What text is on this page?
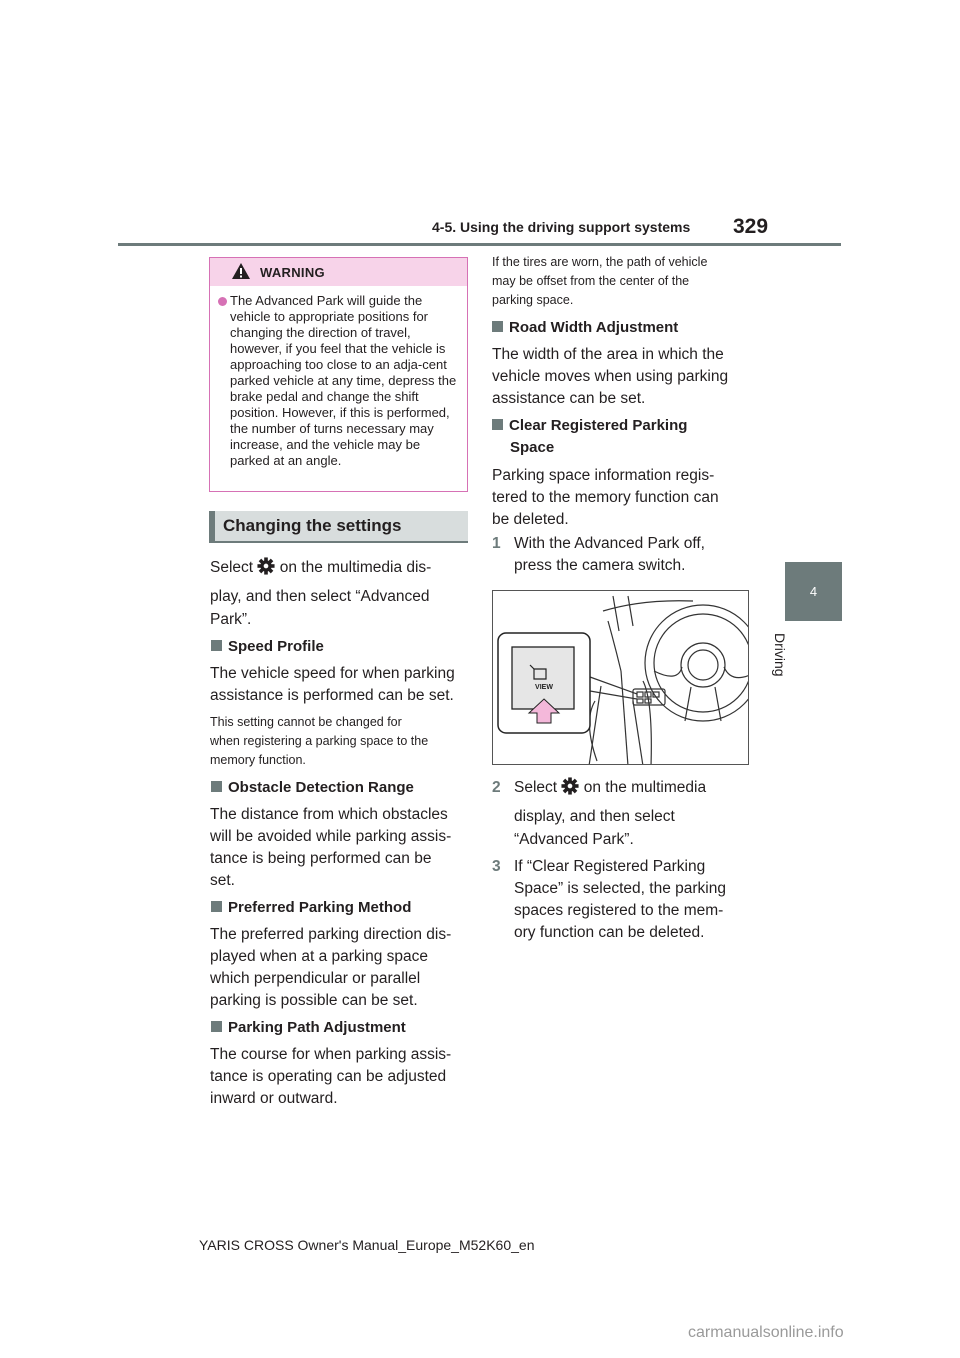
4-5. Using the driving support systems 329
4
Driving
WARNING
The Advanced Park will guide the vehicle to appropriate positions for changing the direction of travel, however, if you feel that the vehicle is approaching too close to an adja-cent parked vehicle at any time, depress the brake pedal and change the shift position. However, if this is performed, the number of turns necessary may increase, and the vehicle may be parked at an angle.
Changing the settings
Select on the multimedia dis-
play, and then select “Advanced
Park”.
Speed Profile
The vehicle speed for when parking
assistance is performed can be set.
This setting cannot be changed for
when registering a parking space to the
memory function.
Obstacle Detection Range
The distance from which obstacles
will be avoided while parking assis-
tance is being performed can be
set.
Preferred Parking Method
The preferred parking direction dis-
played when at a parking space
which perpendicular or parallel
parking is possible can be set.
Parking Path Adjustment
The course for when parking assis-
tance is operating can be adjusted
inward or outward.
If the tires are worn, the path of vehicle
may be offset from the center of the
parking space.
Road Width Adjustment
The width of the area in which the
vehicle moves when using parking
assistance can be set.
Clear Registered Parking
Space
Parking space information regis-
tered to the memory function can
be deleted.
1 With the Advanced Park off,
press the camera switch.
VIEW
2 Select on the multimedia
display, and then select
“Advanced Park”.
3 If “Clear Registered Parking
Space” is selected, the parking
spaces registered to the mem-
ory function can be deleted.
YARIS CROSS Owner's Manual_Europe_M52K60_en
carmanualsonline.info
